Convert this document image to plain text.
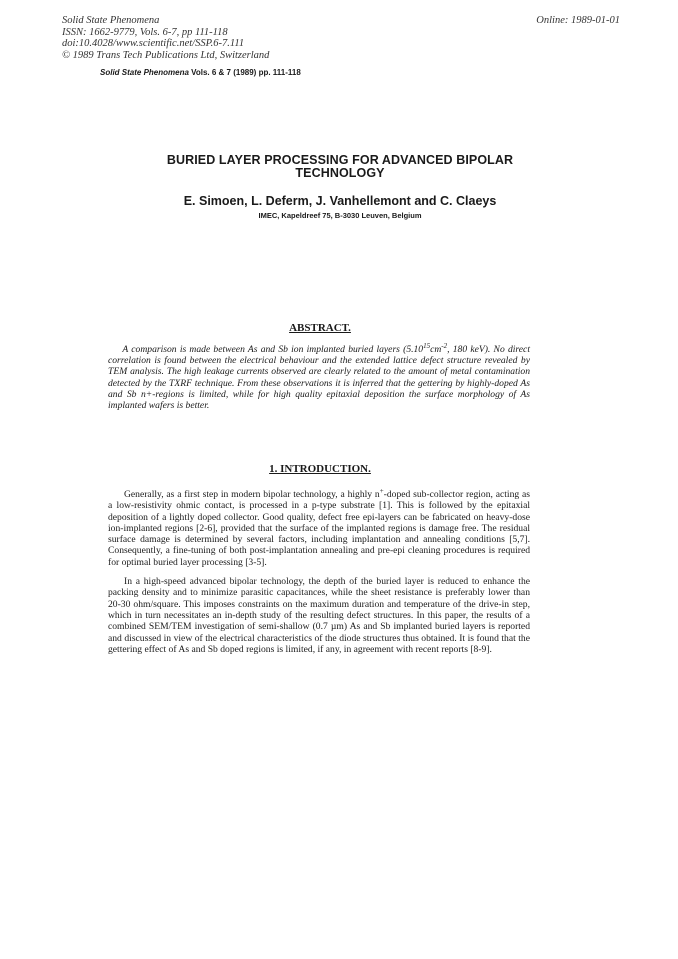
Solid State Phenomena
ISSN: 1662-9779, Vols. 6-7, pp 111-118
doi:10.4028/www.scientific.net/SSP.6-7.111
© 1989 Trans Tech Publications Ltd, Switzerland
Online: 1989-01-01
Solid State Phenomena Vols. 6 & 7 (1989) pp. 111-118
BURIED LAYER PROCESSING FOR ADVANCED BIPOLAR
TECHNOLOGY
E. Simoen, L. Deferm, J. Vanhellemont and C. Claeys
IMEC, Kapeldreef 75, B-3030 Leuven, Belgium
ABSTRACT.
  A comparison is made between As and Sb ion implanted buried layers ($5.10^{15}cm^{-2}$, 180 keV). No direct correlation is found between the electrical behaviour and the extended lattice defect structure revealed by TEM analysis. The high leakage currents observed are clearly related to the amount of metal contamination detected by the TXRF technique. From these observations it is inferred that the gettering by highly-doped As and Sb n+-regions is limited, while for high quality epitaxial deposition the surface morphology of As implanted wafers is better.
1. INTRODUCTION.

Generally, as a first step in modern bipolar technology, a highly n+-doped sub-collector region, acting as a low-resistivity ohmic contact, is processed in a p-type substrate [1]. This is followed by the epitaxial deposition of a lightly doped collector. Good quality, defect free epi-layers can be fabricated on heavy-dose ion-implanted regions [2-6], provided that the surface of the implanted regions is damage free. The residual surface damage is determined by several factors, including implantation and annealing conditions [5,7]. Consequently, a fine-tuning of both post-implantation annealing and pre-epi cleaning procedures is required for optimal buried layer processing [3-5].

In a high-speed advanced bipolar technology, the depth of the buried layer is reduced to enhance the packing density and to minimize parasitic capacitances, while the sheet resistance is preferably lower than 20-30 ohm/square. This imposes constraints on the maximum duration and temperature of the drive-in step, which in turn necessitates an in-depth study of the resulting defect structures. In this paper, the results of a combined SEM/TEM investigation of semi-shallow (0.7 µm) As and Sb implanted buried layers is reported and discussed in view of the electrical characteristics of the diode structures thus obtained. It is found that the gettering effect of As and Sb doped regions is limited, if any, in agreement with recent reports [8-9].
